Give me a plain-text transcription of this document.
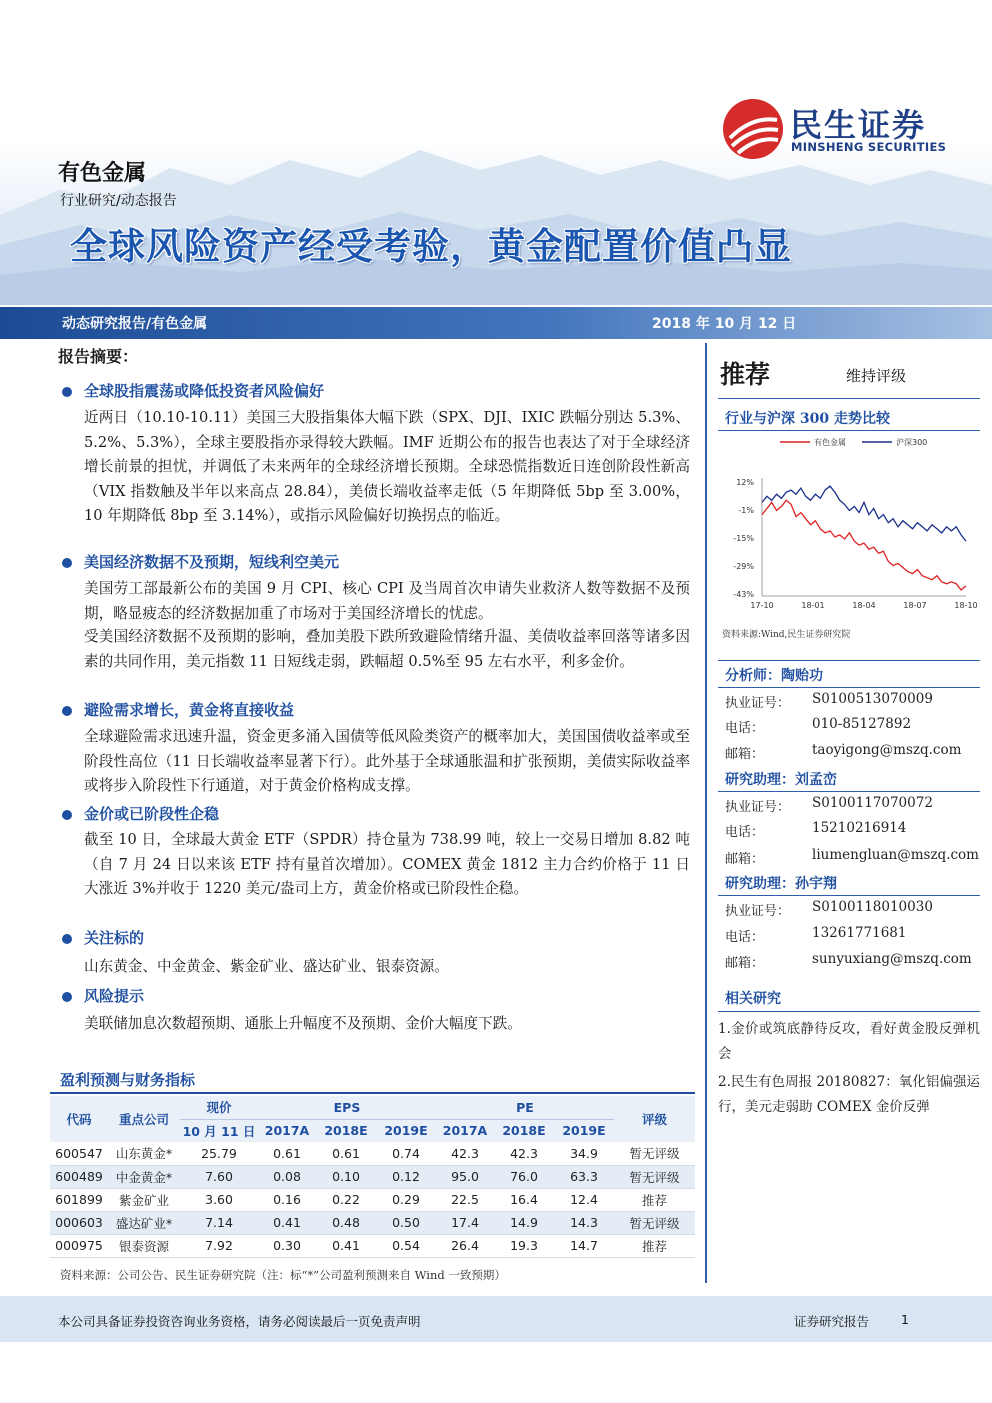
民生证券
MINSHENG SECURITIES
有色金属
行业研究/动态报告
全球风险资产经受考验，黄金配置价值凸显
动态研究报告/有色金属	2018 年 10 月 12 日
报告摘要：
全球股指震荡或降低投资者风险偏好
近两日（10.10-10.11）美国三大股指集体大幅下跌（SPX、DJI、IXIC 跌幅分别达 5.3%、5.2%、5.3%），全球主要股指亦录得较大跌幅。IMF 近期公布的报告也表达了对于全球经济增长前景的担忧，并调低了未来两年的全球经济增长预期。全球恐慌指数近日连创阶段性新高（VIX 指数触及半年以来高点 28.84），美债长端收益率走低（5 年期降低 5bp 至 3.00%，10 年期降低 8bp 至 3.14%），或指示风险偏好切换拐点的临近。
美国经济数据不及预期，短线利空美元
美国劳工部最新公布的美国 9 月 CPI、核心 CPI 及当周首次申请失业救济人数等数据不及预期，略显疲态的经济数据加重了市场对于美国经济增长的忧虑。
受美国经济数据不及预期的影响，叠加美股下跌所致避险情绪升温、美债收益率回落等诸多因素的共同作用，美元指数 11 日短线走弱，跌幅超 0.5%至 95 左右水平，利多金价。
避险需求增长，黄金将直接收益
全球避险需求迅速升温，资金更多涌入国债等低风险类资产的概率加大，美国国债收益率或至阶段性高位（11 日长端收益率显著下行）。此外基于全球通胀温和扩张预期，美债实际收益率或将步入阶段性下行通道，对于黄金价格构成支撑。
金价或已阶段性企稳
截至 10 日，全球最大黄金 ETF（SPDR）持仓量为 738.99 吨，较上一交易日增加 8.82 吨（自 7 月 24 日以来该 ETF 持有量首次增加）。COMEX 黄金 1812 主力合约价格于 11 日大涨近 3%并收于 1220 美元/盎司上方，黄金价格或已阶段性企稳。
关注标的
山东黄金、中金黄金、紫金矿业、盛达矿业、银泰资源。
风险提示
美联储加息次数超预期、通胀上升幅度不及预期、金价大幅度下跌。
盈利预测与财务指标
代码	重点公司	现价	EPS			PE			评级
		10 月 11 日	2017A	2018E	2019E	2017A	2018E	2019E	
600547	山东黄金*	25.79	0.61	0.61	0.74	42.3	42.3	34.9	暂无评级
600489	中金黄金*	7.60	0.08	0.10	0.12	95.0	76.0	63.3	暂无评级
601899	紫金矿业	3.60	0.16	0.22	0.29	22.5	16.4	12.4	推荐
000603	盛达矿业*	7.14	0.41	0.48	0.50	17.4	14.9	14.3	暂无评级
000975	银泰资源	7.92	0.30	0.41	0.54	26.4	19.3	14.7	推荐
资料来源：公司公告、民生证券研究院（注：标“*”公司盈利预测来自 Wind 一致预期）
推荐	维持评级
行业与沪深 300 走势比较
有色金属	沪深300
12%
-1%
-15%
-29%
-43%
17-10	18-01	18-04	18-07	18-10
资料来源:Wind,民生证券研究院
分析师：陶贻功
执业证号： S0100513070009
电话：	010-85127892
邮箱：	taoyigong@mszq.com
研究助理：刘孟峦
执业证号： S0100117070072
电话：	15210216914
邮箱：	liumengluan@mszq.com
研究助理：孙宇翔
执业证号： S0100118010030
电话：	13261771681
邮箱：	sunyuxiang@mszq.com
相关研究
1.金价或筑底静待反攻，看好黄金股反弹机会
2.民生有色周报 20180827：氧化铝偏强运行，美元走弱助 COMEX 金价反弹
本公司具备证券投资咨询业务资格，请务必阅读最后一页免责声明	证券研究报告	1
